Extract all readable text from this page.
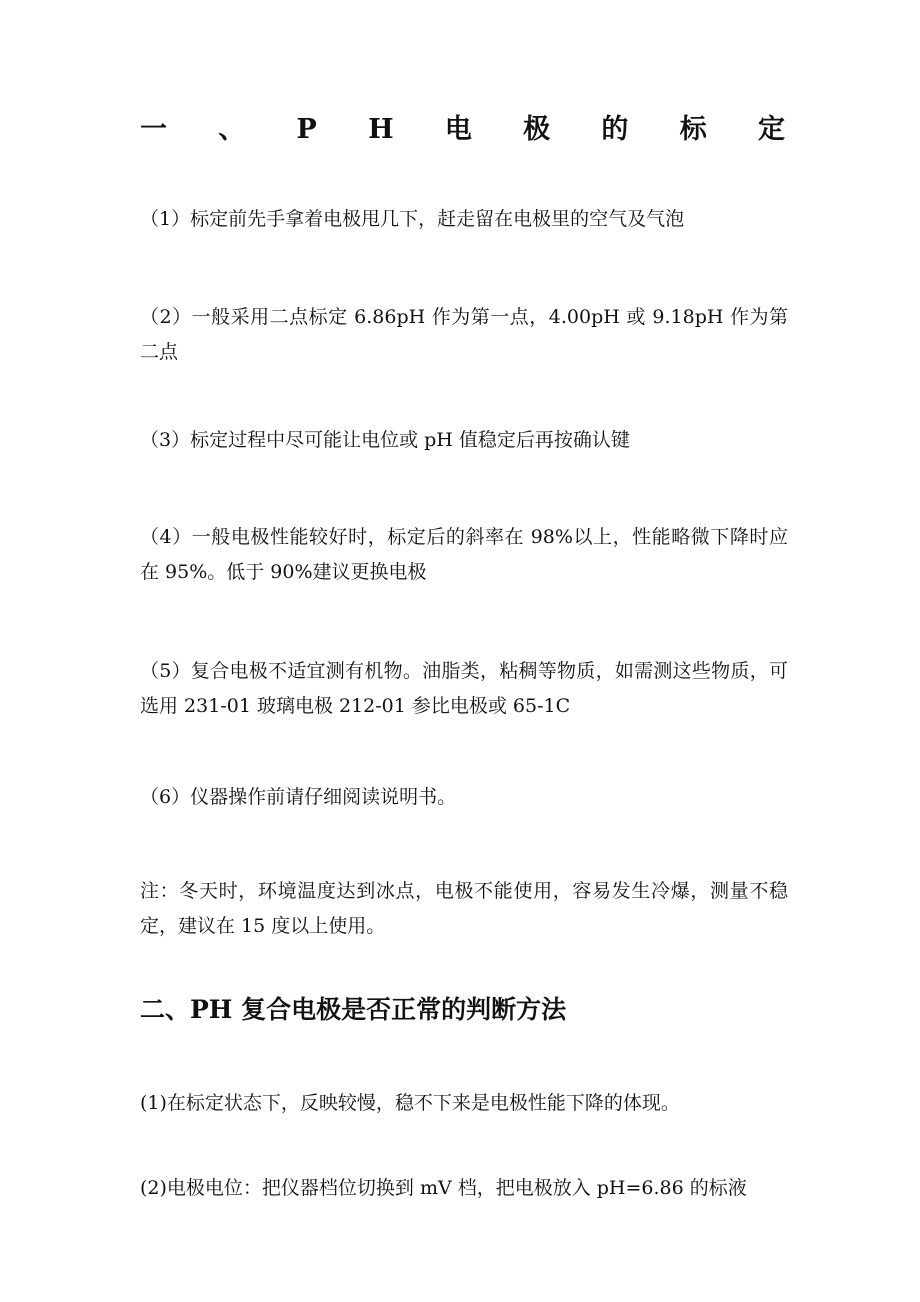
一 、 P H 电 极 的 标 定
（1）标定前先手拿着电极甩几下，赶走留在电极里的空气及气泡
（2）一般采用二点标定 6.86pH 作为第一点，4.00pH 或 9.18pH 作为第二点
（3）标定过程中尽可能让电位或 pH 值稳定后再按确认键
（4）一般电极性能较好时，标定后的斜率在 98%以上，性能略微下降时应在 95%。低于 90%建议更换电极
（5）复合电极不适宜测有机物。油脂类，粘稠等物质，如需测这些物质，可选用 231-01 玻璃电极 212-01 参比电极或 65-1C
（6）仪器操作前请仔细阅读说明书。
注：冬天时，环境温度达到冰点，电极不能使用，容易发生冷爆，测量不稳定，建议在 15 度以上使用。
二、PH 复合电极是否正常的判断方法
(1)在标定状态下，反映较慢，稳不下来是电极性能下降的体现。
(2)电极电位：把仪器档位切换到 mV 档，把电极放入 pH=6.86 的标液
